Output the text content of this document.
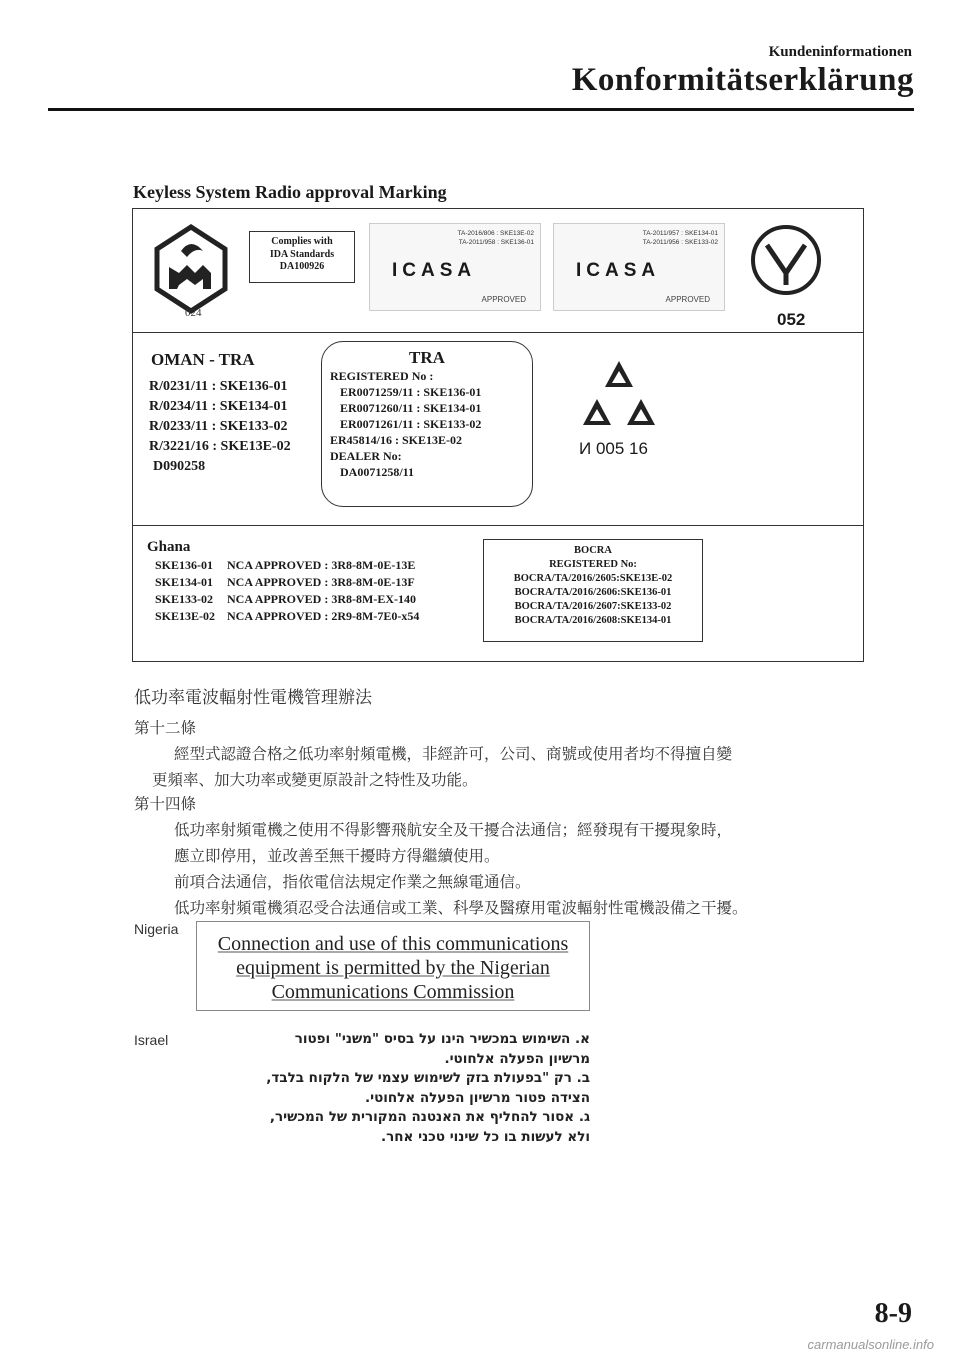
Kundeninformationen
Konformitätserklärung
Keyless System Radio approval Marking
024
Complies with
IDA Standards
DA100926
TA-2016/806 : SKE13E-02
TA-2011/958 : SKE136-01
ICASA
APPROVED
TA-2011/957 : SKE134-01
TA-2011/956 : SKE133-02
ICASA
APPROVED
052
OMAN - TRA
R/0231/11 : SKE136-01
R/0234/11 : SKE134-01
R/0233/11 : SKE133-02
R/3221/16 : SKE13E-02
D090258
TRA
REGISTERED No :
ER0071259/11 : SKE136-01
ER0071260/11 : SKE134-01
ER0071261/11 : SKE133-02
ER45814/16 : SKE13E-02
DEALER No:
DA0071258/11
И 005 16
Ghana
SKE136-01	NCA APPROVED : 3R8-8M-0E-13E
SKE134-01	NCA APPROVED : 3R8-8M-0E-13F
SKE133-02	NCA APPROVED : 3R8-8M-EX-140
SKE13E-02	NCA APPROVED : 2R9-8M-7E0-x54
BOCRA
REGISTERED No:
BOCRA/TA/2016/2605:SKE13E-02
BOCRA/TA/2016/2606:SKE136-01
BOCRA/TA/2016/2607:SKE133-02
BOCRA/TA/2016/2608:SKE134-01
低功率電波輻射性電機管理辦法
第十二條
經型式認證合格之低功率射頻電機，非經許可，公司、商號或使用者均不得擅自變
更頻率、加大功率或變更原設計之特性及功能。
第十四條
低功率射頻電機之使用不得影響飛航安全及干擾合法通信；經發現有干擾現象時，
應立即停用，並改善至無干擾時方得繼續使用。
前項合法通信，指依電信法規定作業之無線電通信。
低功率射頻電機須忍受合法通信或工業、科學及醫療用電波輻射性電機設備之干擾。
Nigeria
Connection and use of this communications
equipment is permitted by the Nigerian
Communications Commission
Israel	א. השימוש במכשיר הינו על בסיס "משני" ופטור
מרשיון הפעלה אלחוטי.
ב. רק "בפעולת בזק לשימוש עצמי של הלקוח בלבד,
הצידה פטור מרשיון הפעלה אלחוטי.
ג. אסור להחליף את האנטנה המקורית של המכשיר,
ולא לעשות בו כל שינוי טכני אחר.
8-9
carmanualsonline.info
